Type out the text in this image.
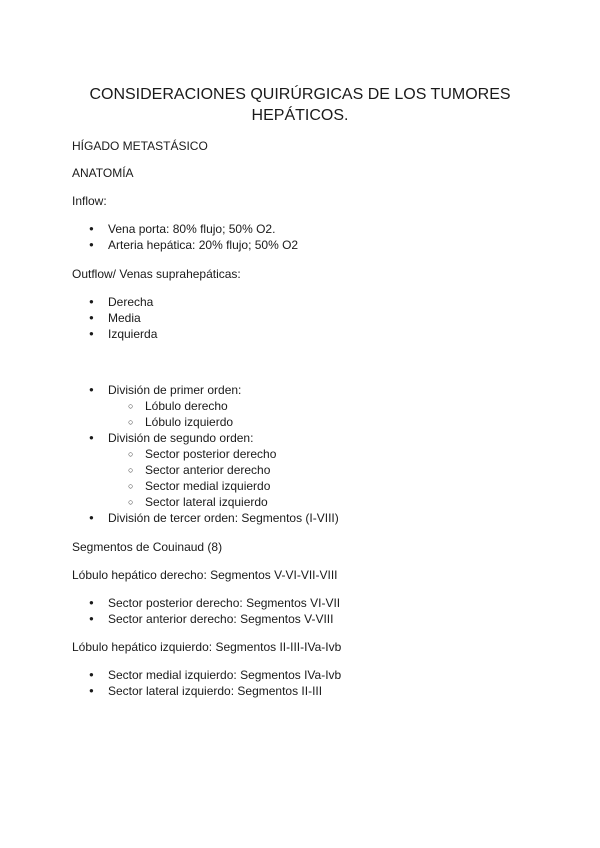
CONSIDERACIONES QUIRÚRGICAS DE LOS TUMORES HEPÁTICOS.

HÍGADO METASTÁSICO

ANATOMÍA

Inflow:

● Vena porta: 80% flujo; 50% O2.
● Arteria hepática: 20% flujo; 50% O2

Outflow/ Venas suprahepáticas:

● Derecha
● Media
● Izquierda
● División de primer orden:
○ Lóbulo derecho
○ Lóbulo izquierdo
● División de segundo orden:
○ Sector posterior derecho
○ Sector anterior derecho
○ Sector medial izquierdo
○ Sector lateral izquierdo
● División de tercer orden: Segmentos (I-VIII)

Segmentos de Couinaud (8)

Lóbulo hepático derecho: Segmentos V-VI-VII-VIII

● Sector posterior derecho: Segmentos VI-VII
● Sector anterior derecho: Segmentos V-VIII

Lóbulo hepático izquierdo: Segmentos II-III-IVa-Ivb

● Sector medial izquierdo: Segmentos IVa-Ivb
● Sector lateral izquierdo: Segmentos II-III
